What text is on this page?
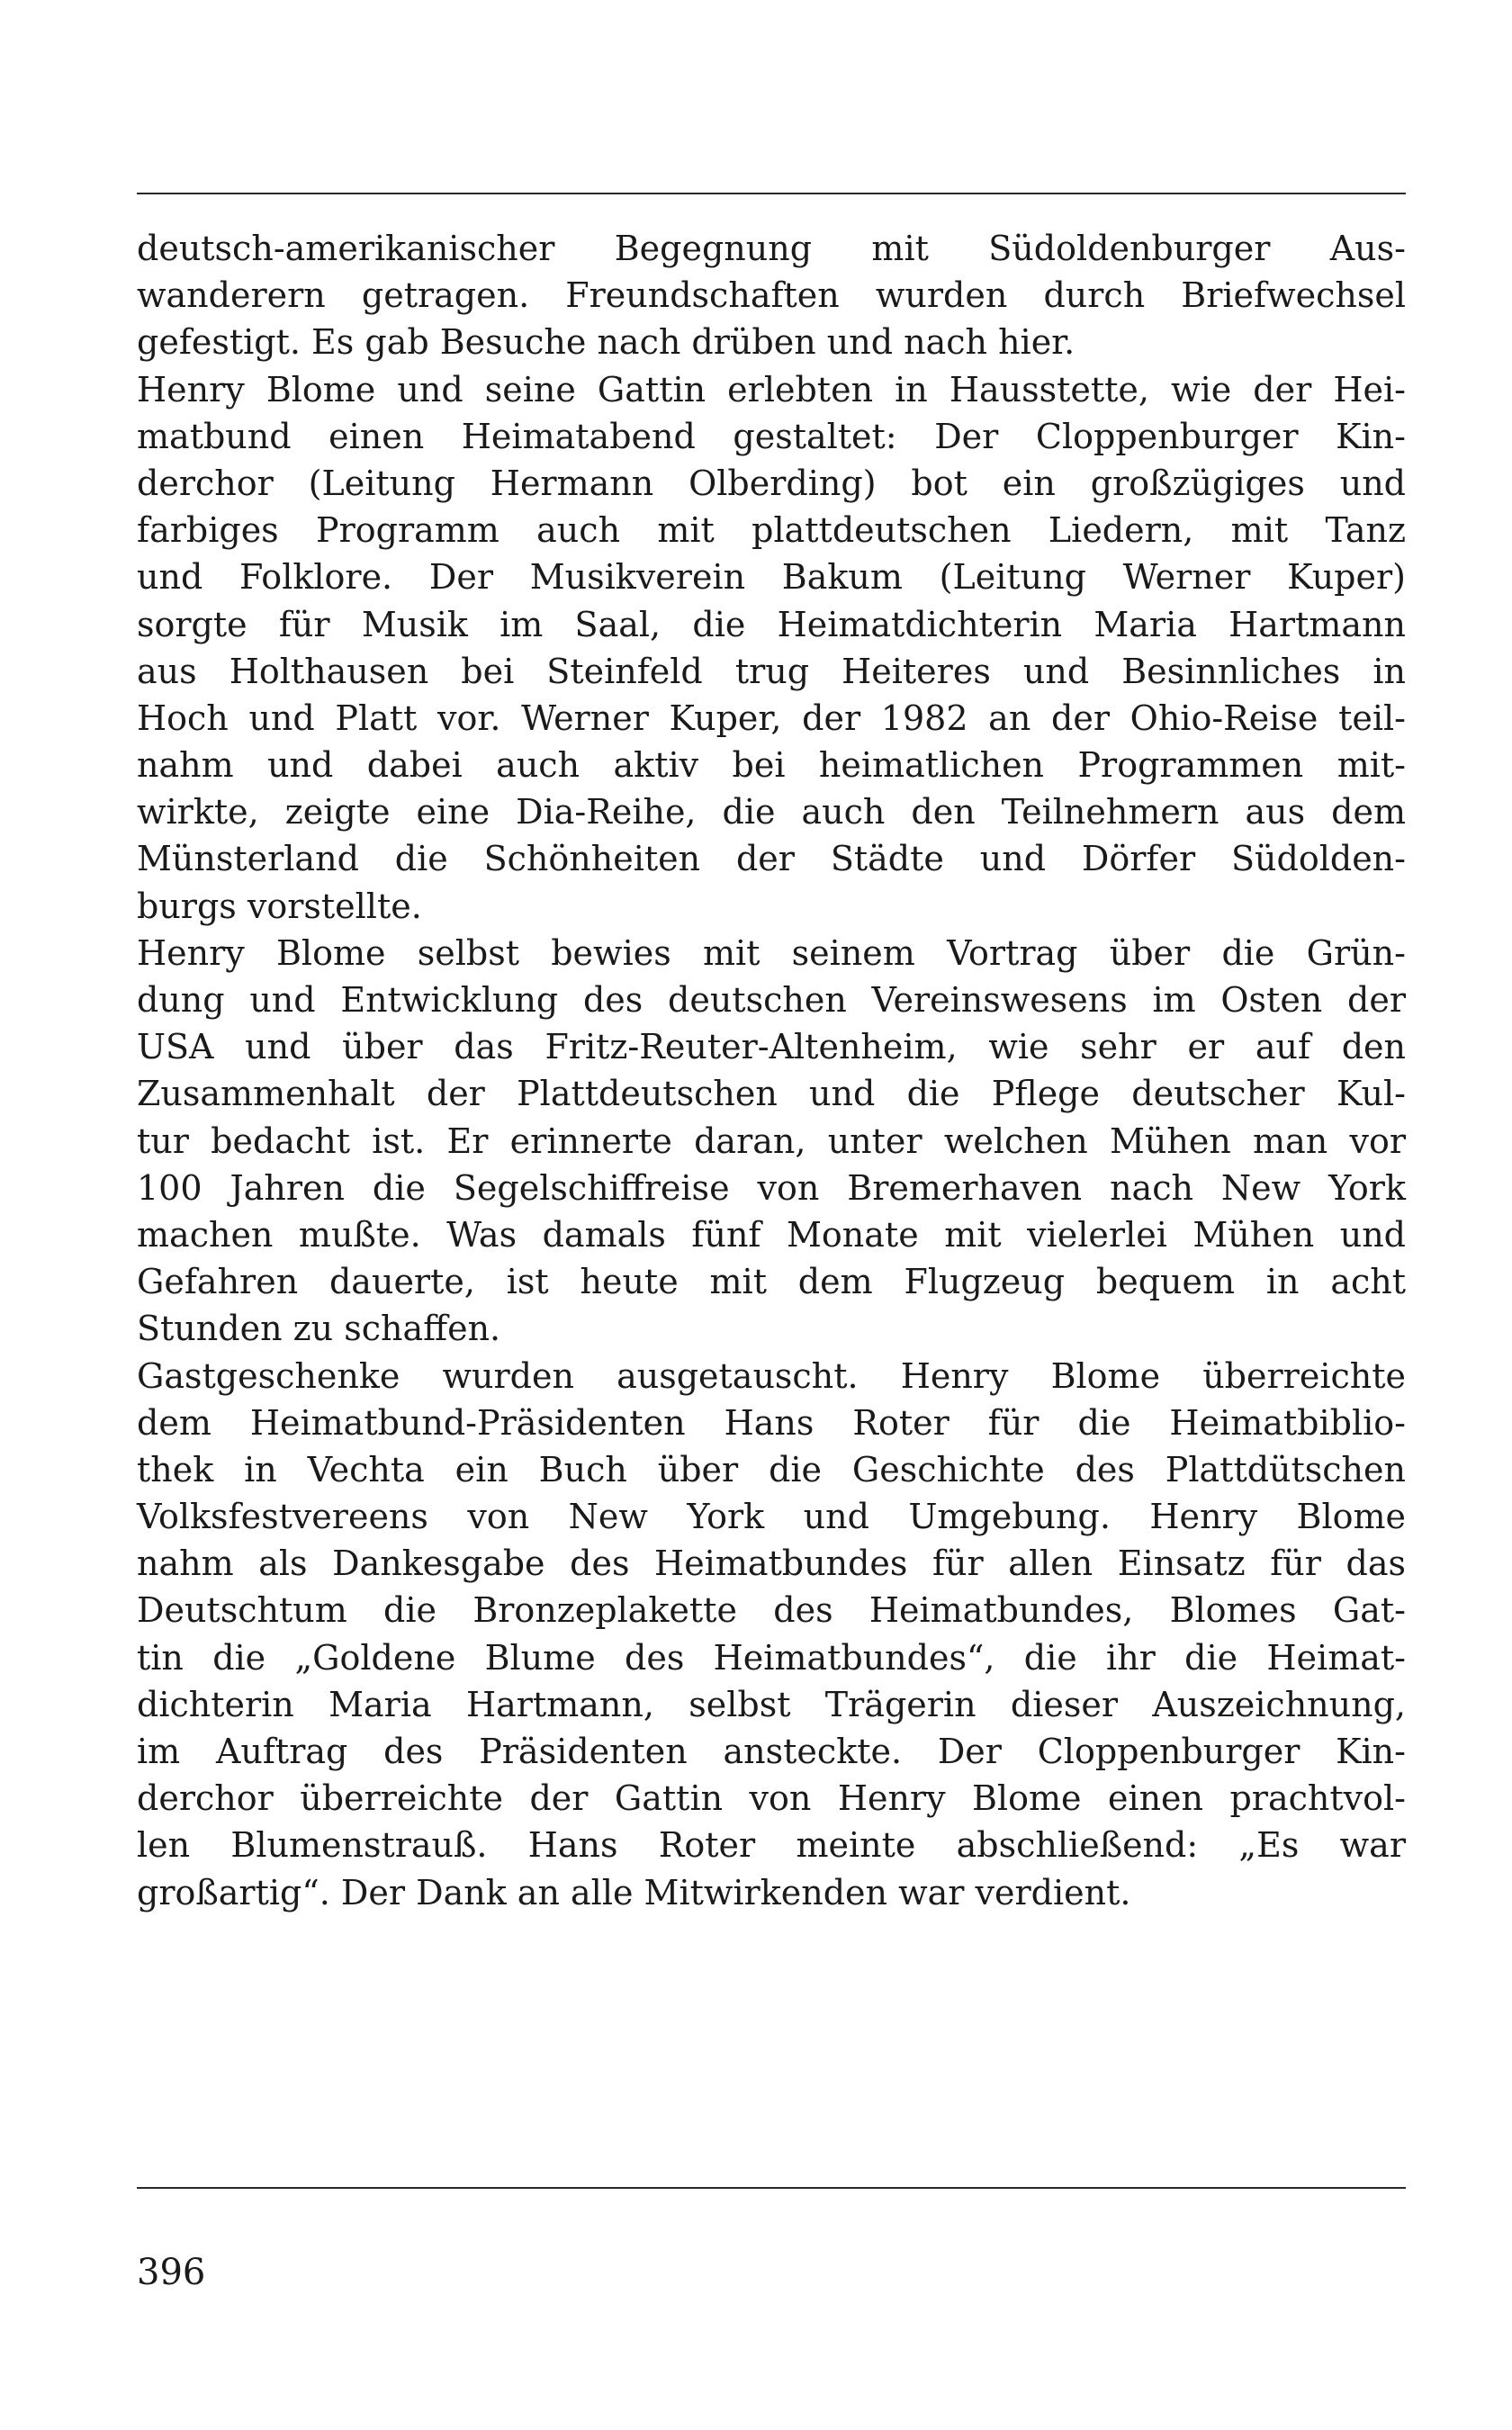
deutsch-amerikanischer Begegnung mit Südoldenburger Aus-
wanderern getragen. Freundschaften wurden durch Briefwechsel
gefestigt. Es gab Besuche nach drüben und nach hier.
Henry Blome und seine Gattin erlebten in Hausstette, wie der Hei-
matbund einen Heimatabend gestaltet: Der Cloppenburger Kin-
derchor (Leitung Hermann Olberding) bot ein großzügiges und
farbiges Programm auch mit plattdeutschen Liedern, mit Tanz
und Folklore. Der Musikverein Bakum (Leitung Werner Kuper)
sorgte für Musik im Saal, die Heimatdichterin Maria Hartmann
aus Holthausen bei Steinfeld trug Heiteres und Besinnliches in
Hoch und Platt vor. Werner Kuper, der 1982 an der Ohio-Reise teil-
nahm und dabei auch aktiv bei heimatlichen Programmen mit-
wirkte, zeigte eine Dia-Reihe, die auch den Teilnehmern aus dem
Münsterland die Schönheiten der Städte und Dörfer Südolden-
burgs vorstellte.
Henry Blome selbst bewies mit seinem Vortrag über die Grün-
dung und Entwicklung des deutschen Vereinswesens im Osten der
USA und über das Fritz-Reuter-Altenheim, wie sehr er auf den
Zusammenhalt der Plattdeutschen und die Pflege deutscher Kul-
tur bedacht ist. Er erinnerte daran, unter welchen Mühen man vor
100 Jahren die Segelschiffreise von Bremerhaven nach New York
machen mußte. Was damals fünf Monate mit vielerlei Mühen und
Gefahren dauerte, ist heute mit dem Flugzeug bequem in acht
Stunden zu schaffen.
Gastgeschenke wurden ausgetauscht. Henry Blome überreichte
dem Heimatbund-Präsidenten Hans Roter für die Heimatbiblio-
thek in Vechta ein Buch über die Geschichte des Plattdütschen
Volksfestvereens von New York und Umgebung. Henry Blome
nahm als Dankesgabe des Heimatbundes für allen Einsatz für das
Deutschtum die Bronzeplakette des Heimatbundes, Blomes Gat-
tin die „Goldene Blume des Heimatbundes“, die ihr die Heimat-
dichterin Maria Hartmann, selbst Trägerin dieser Auszeichnung,
im Auftrag des Präsidenten ansteckte. Der Cloppenburger Kin-
derchor überreichte der Gattin von Henry Blome einen prachtvol-
len Blumenstrauß. Hans Roter meinte abschließend: „Es war
großartig“. Der Dank an alle Mitwirkenden war verdient.
396
